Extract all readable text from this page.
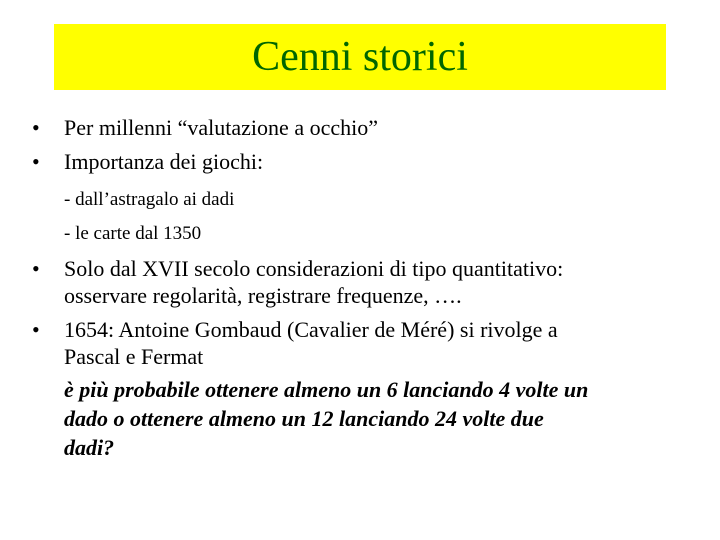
Cenni storici
• Per millenni “valutazione a occhio”
• Importanza dei giochi:
- dall’astragalo ai dadi
- le carte dal 1350
• Solo dal XVII secolo considerazioni di tipo quantitativo:
osservare regolarità, registrare frequenze, ….
• 1654: Antoine Gombaud (Cavalier de Méré) si rivolge a
Pascal e Fermat
è più probabile ottenere almeno un 6 lanciando 4 volte un
dado o ottenere almeno un 12 lanciando 24 volte due
dadi?
